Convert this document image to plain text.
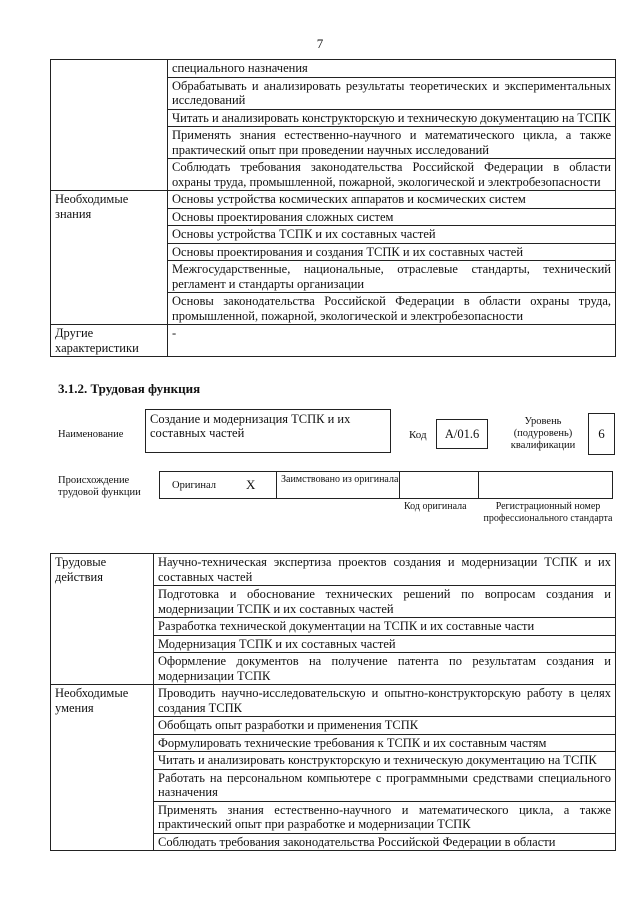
7
	специального назначения
	Обрабатывать и анализировать результаты теоретических и экспериментальных исследований
	Читать и анализировать конструкторскую и техническую документацию на ТСПК
	Применять знания естественно-научного и математического цикла, а также практический опыт при проведении научных исследований
	Соблюдать требования законодательства Российской Федерации в области охраны труда, промышленной, пожарной, экологической и электробезопасности
Необходимые знания	Основы устройства космических аппаратов и космических систем
	Основы проектирования сложных систем
	Основы устройства ТСПК и их составных частей
	Основы проектирования и создания ТСПК и их составных частей
	Межгосударственные, национальные, отраслевые стандарты, технический регламент и стандарты организации
	Основы законодательства Российской Федерации в области охраны труда, промышленной, пожарной, экологической и электробезопасности
Другие характеристики	-
3.1.2. Трудовая функция
Наименование
Создание и модернизация ТСПК и их составных частей	Код	A/01.6
Уровень (подуровень) квалификации
6
Происхождение трудовой функции
Оригинал X	Заимствовано из оригинала
Код оригинала	Регистрационный номер профессионального стандарта
Трудовые действия	Научно-техническая экспертиза проектов создания и модернизации ТСПК и их составных частей
	Подготовка и обоснование технических решений по вопросам создания и модернизации ТСПК и их составных частей
	Разработка технической документации на ТСПК и их составные части
	Модернизация ТСПК и их составных частей
	Оформление документов на получение патента по результатам создания и модернизации ТСПК
Необходимые умения	Проводить научно-исследовательскую и опытно-конструкторскую работу в целях создания ТСПК
	Обобщать опыт разработки и применения ТСПК
	Формулировать технические требования к ТСПК и их составным частям
	Читать и анализировать конструкторскую и техническую документацию на ТСПК
	Работать на персональном компьютере с программными средствами специального назначения
	Применять знания естественно-научного и математического цикла, а также практический опыт при разработке и модернизации ТСПК
	Соблюдать требования законодательства Российской Федерации в области
